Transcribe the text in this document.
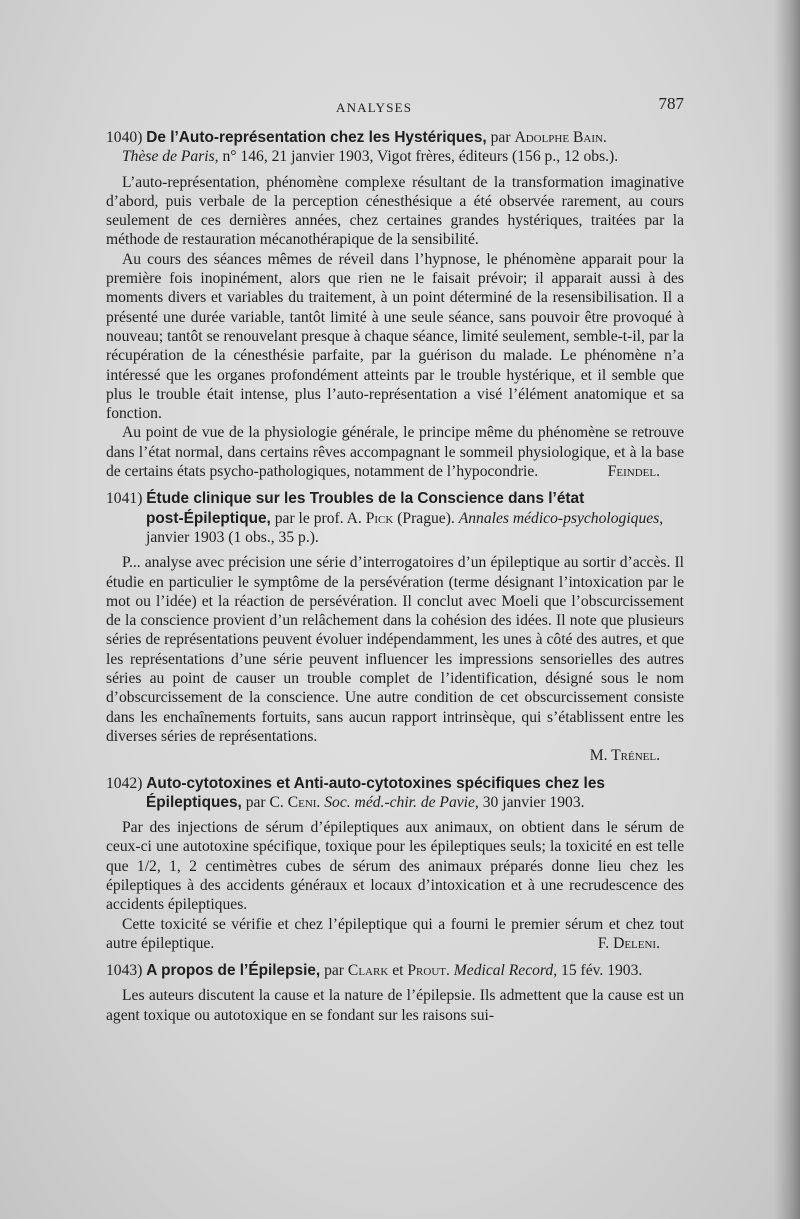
ANALYSES	787
1040) De l’Auto-représentation chez les Hystériques, par Adolphe Bain.
Thèse de Paris, n° 146, 21 janvier 1903, Vigot frères, éditeurs (156 p., 12 obs.).

L’auto-représentation, phénomène complexe résultant de la transformation imaginative d’abord, puis verbale de la perception cénesthésique a été observée rarement, au cours seulement de ces dernières années, chez certaines grandes hystériques, traitées par la méthode de restauration mécanothérapique de la sensibilité.

Au cours des séances mêmes de réveil dans l’hypnose, le phénomène apparait pour la première fois inopinément, alors que rien ne le faisait prévoir; il apparait aussi à des moments divers et variables du traitement, à un point déterminé de la resensibilisation. Il a présenté une durée variable, tantôt limité à une seule séance, sans pouvoir être provoqué à nouveau; tantôt se renouvelant presque à chaque séance, limité seulement, semble-t-il, par la récupération de la cénesthésie parfaite, par la guérison du malade. Le phénomène n’a intéressé que les organes profondément atteints par le trouble hystérique, et il semble que plus le trouble était intense, plus l’auto-représentation a visé l’élément anatomique et sa fonction.

Au point de vue de la physiologie générale, le principe même du phénomène se retrouve dans l’état normal, dans certains rêves accompagnant le sommeil physiologique, et à la base de certains états psycho-pathologiques, notamment de l’hypocondrie.	Feindel.

1041) Étude clinique sur les Troubles de la Conscience dans l’état
post-Épileptique, par le prof. A. Pick (Prague). Annales médico-psychologiques,
janvier 1903 (1 obs., 35 p.).

P... analyse avec précision une série d’interrogatoires d’un épileptique au sortir d’accès. Il étudie en particulier le symptôme de la persévération (terme désignant l’intoxication par le mot ou l’idée) et la réaction de persévération. Il conclut avec Moeli que l’obscurcissement de la conscience provient d’un relâchement dans la cohésion des idées. Il note que plusieurs séries de représentations peuvent évoluer indépendamment, les unes à côté des autres, et que les représentations d’une série peuvent influencer les impressions sensorielles des autres séries au point de causer un trouble complet de l’identification, désigné sous le nom d’obscurcissement de la conscience. Une autre condition de cet obscurcissement consiste dans les enchaînements fortuits, sans aucun rapport intrinsèque, qui s’établissent entre les diverses séries de représentations.

M. Trénel.

1042) Auto-cytotoxines et Anti-auto-cytotoxines spécifiques chez les
Épileptiques, par C. Ceni. Soc. méd.-chir. de Pavie, 30 janvier 1903.

Par des injections de sérum d’épileptiques aux animaux, on obtient dans le sérum de ceux-ci une autotoxine spécifique, toxique pour les épileptiques seuls; la toxicité en est telle que 1/2, 1, 2 centimètres cubes de sérum des animaux préparés donne lieu chez les épileptiques à des accidents généraux et locaux d’intoxication et à une recrudescence des accidents épileptiques.

Cette toxicité se vérifie et chez l’épileptique qui a fourni le premier sérum et chez tout autre épileptique.	F. Deleni.

1043) A propos de l’Épilepsie, par Clark et Prout. Medical Record, 15 fév. 1903.

Les auteurs discutent la cause et la nature de l’épilepsie. Ils admettent que la cause est un agent toxique ou autotoxique en se fondant sur les raisons sui-
